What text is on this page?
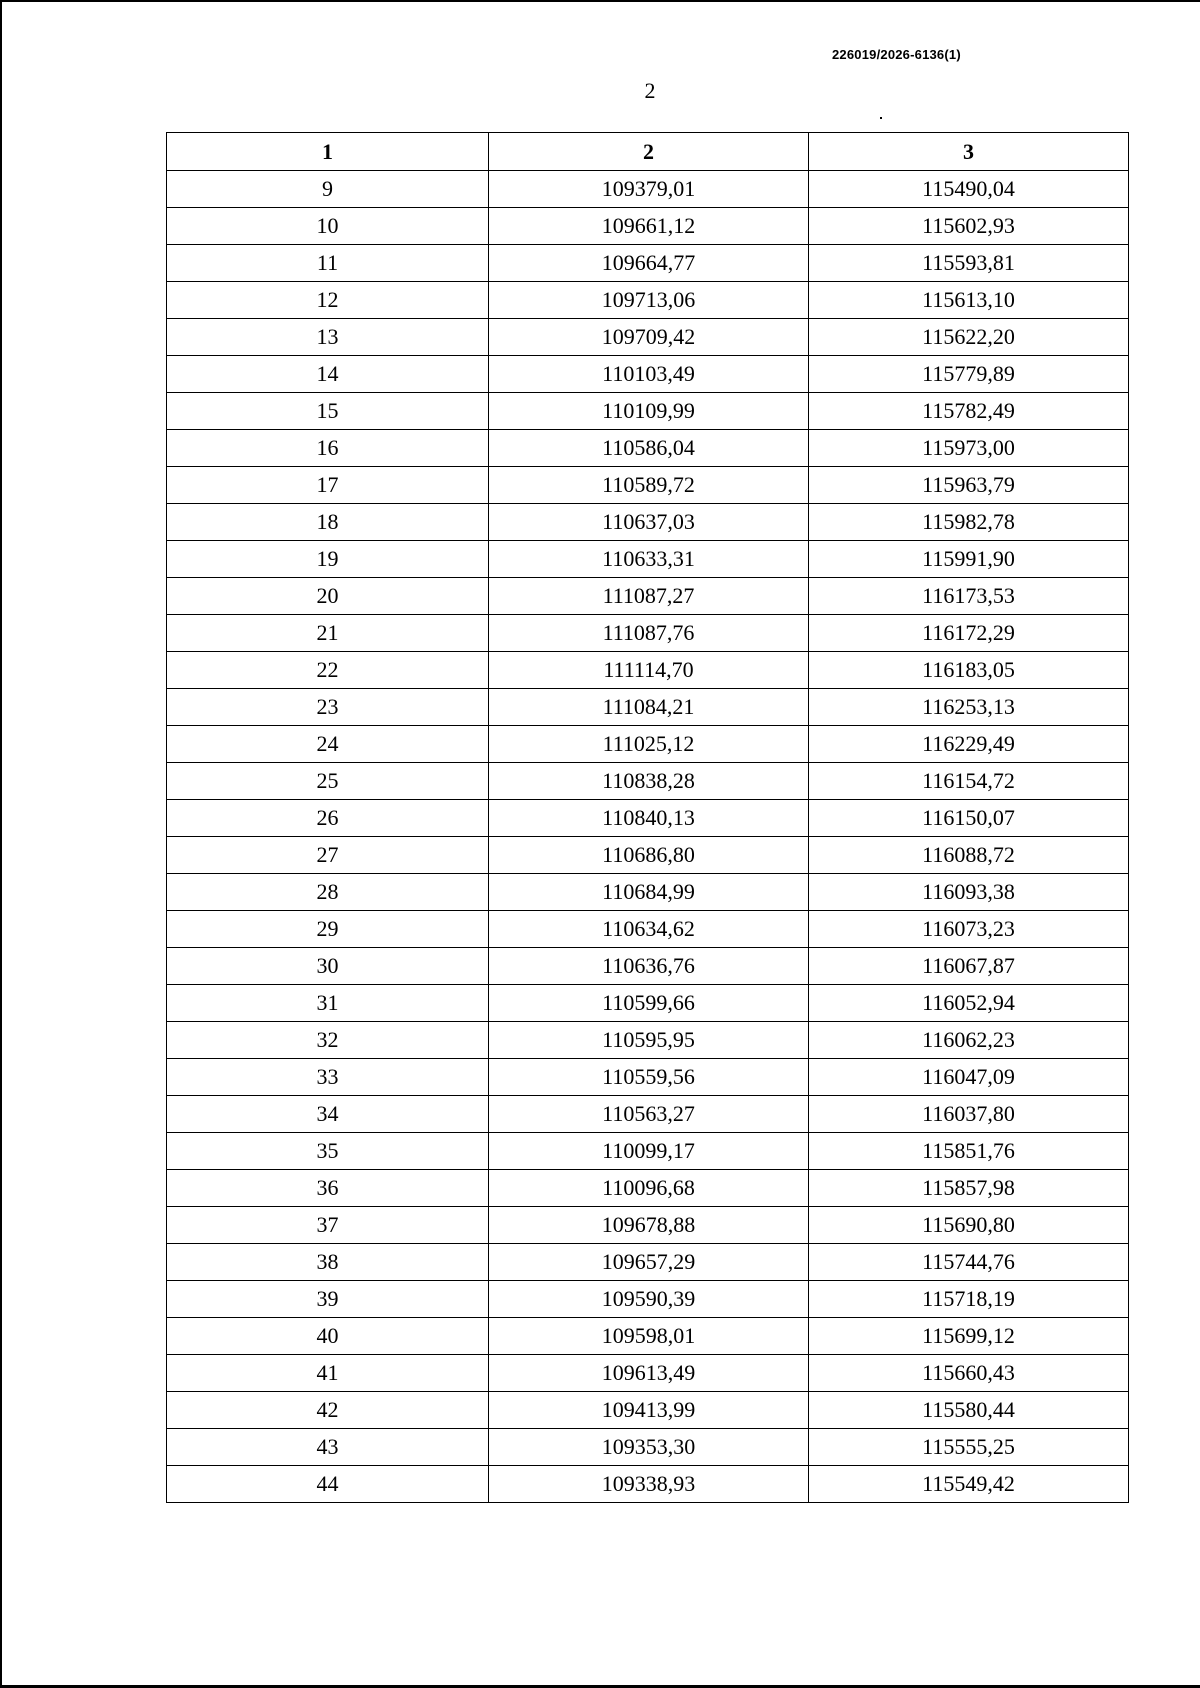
226019/2026-6136(1)
2
1	2	3
9	109379,01	115490,04
10	109661,12	115602,93
11	109664,77	115593,81
12	109713,06	115613,10
13	109709,42	115622,20
14	110103,49	115779,89
15	110109,99	115782,49
16	110586,04	115973,00
17	110589,72	115963,79
18	110637,03	115982,78
19	110633,31	115991,90
20	111087,27	116173,53
21	111087,76	116172,29
22	111114,70	116183,05
23	111084,21	116253,13
24	111025,12	116229,49
25	110838,28	116154,72
26	110840,13	116150,07
27	110686,80	116088,72
28	110684,99	116093,38
29	110634,62	116073,23
30	110636,76	116067,87
31	110599,66	116052,94
32	110595,95	116062,23
33	110559,56	116047,09
34	110563,27	116037,80
35	110099,17	115851,76
36	110096,68	115857,98
37	109678,88	115690,80
38	109657,29	115744,76
39	109590,39	115718,19
40	109598,01	115699,12
41	109613,49	115660,43
42	109413,99	115580,44
43	109353,30	115555,25
44	109338,93	115549,42
